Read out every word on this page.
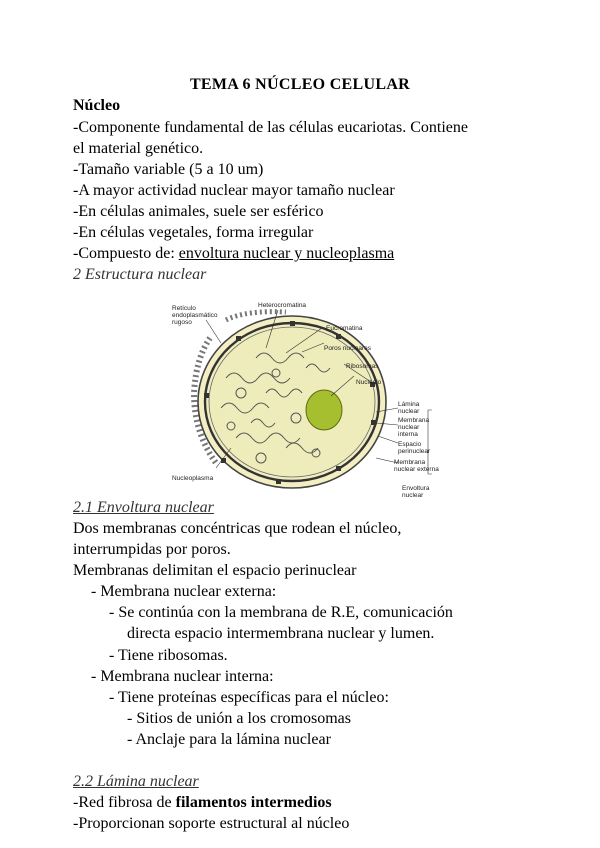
TEMA 6 NÚCLEO CELULAR
Núcleo
-Componente fundamental de las células eucariotas. Contiene
el material genético.
-Tamaño variable (5 a 10 um)
-A mayor actividad nuclear mayor tamaño nuclear
-En células animales, suele ser esférico
-En células vegetales, forma irregular
-Compuesto de: envoltura nuclear y nucleoplasma
2 Estructura nuclear
Retículo
endoplasmático
rugoso
Heterocromatina
Eucromatina
Poros nucleares
Ribosomas
Nucléolo
Lámina
nuclear
Membrana
nuclear
interna
Espacio
perinuclear
Membrana
nuclear externa
Envoltura
Nucleoplasma
nuclear
2.1 Envoltura nuclear
Dos membranas concéntricas que rodean el núcleo,
interrumpidas por poros.
Membranas delimitan el espacio perinuclear
- Membrana nuclear externa:
- Se continúa con la membrana de R.E, comunicación
directa espacio intermembrana nuclear y lumen.
- Tiene ribosomas.
- Membrana nuclear interna:
- Tiene proteínas específicas para el núcleo:
- Sitios de unión a los cromosomas
- Anclaje para la lámina nuclear
2.2 Lámina nuclear
-Red fibrosa de filamentos intermedios
-Proporcionan soporte estructural al núcleo
